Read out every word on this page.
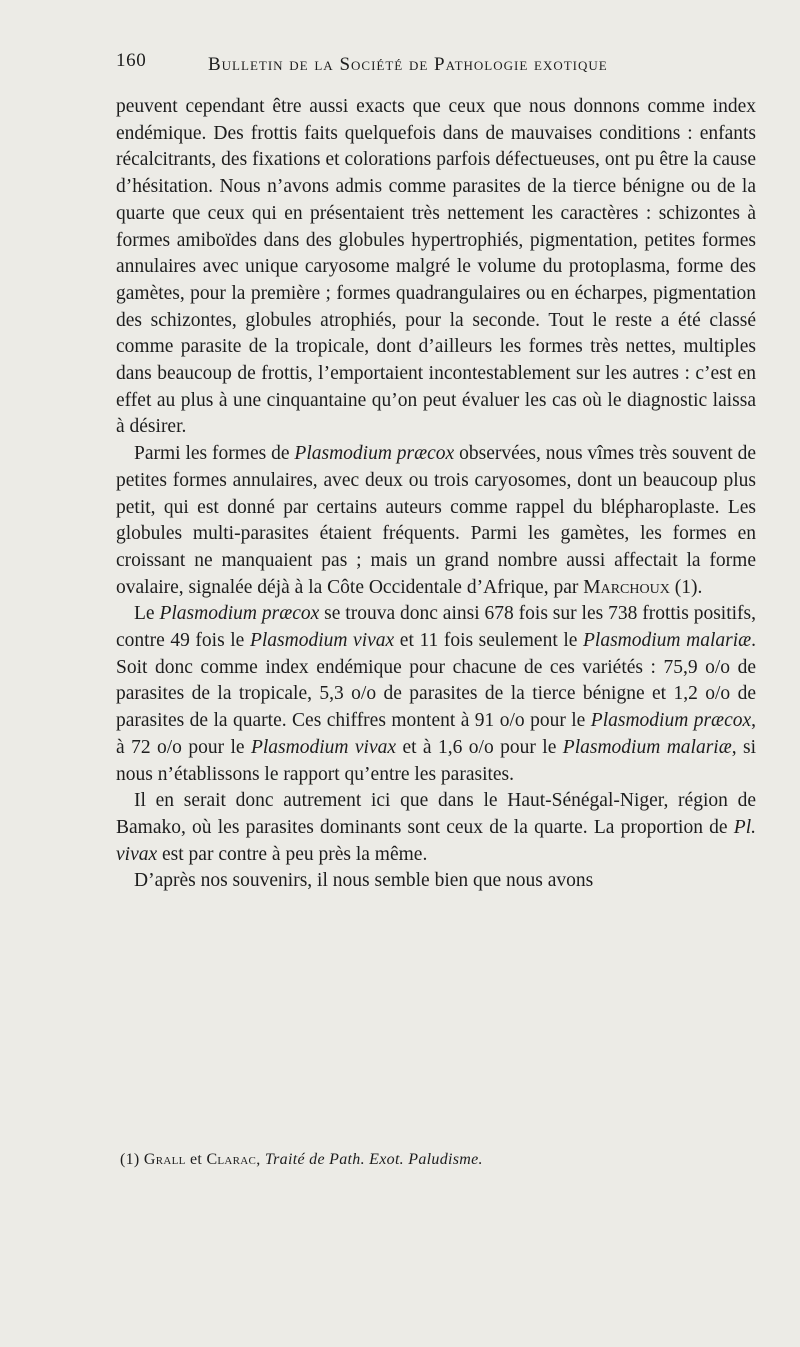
160	Bulletin de la Société de Pathologie exotique

peuvent cependant être aussi exacts que ceux que nous donnons comme index endémique. Des frottis faits quelquefois dans de mauvaises conditions : enfants récalcitrants, des fixations et colorations parfois défectueuses, ont pu être la cause d’hésitation. Nous n’avons admis comme parasites de la tierce bénigne ou de la quarte que ceux qui en présentaient très nettement les caractères : schizontes à formes amiboïdes dans des globules hypertrophiés, pigmentation, petites formes annulaires avec unique caryosome malgré le volume du protoplasma, forme des gamètes, pour la première ; formes quadrangulaires ou en écharpes, pigmentation des schizontes, globules atrophiés, pour la seconde. Tout le reste a été classé comme parasite de la tropicale, dont d’ailleurs les formes très nettes, multiples dans beaucoup de frottis, l’emportaient incontestablement sur les autres : c’est en effet au plus à une cinquantaine qu’on peut évaluer les cas où le diagnostic laissa à désirer.

Parmi les formes de Plasmodium præcox observées, nous vîmes très souvent de petites formes annulaires, avec deux ou trois caryosomes, dont un beaucoup plus petit, qui est donné par certains auteurs comme rappel du blépharoplaste. Les globules multi-parasites étaient fréquents. Parmi les gamètes, les formes en croissant ne manquaient pas ; mais un grand nombre aussi affectait la forme ovalaire, signalée déjà à la Côte Occidentale d’Afrique, par Marchoux (1).

Le Plasmodium præcox se trouva donc ainsi 678 fois sur les 738 frottis positifs, contre 49 fois le Plasmodium vivax et 11 fois seulement le Plasmodium malariæ. Soit donc comme index endémique pour chacune de ces variétés : 75,9 o/o de parasites de la tropicale, 5,3 o/o de parasites de la tierce bénigne et 1,2 o/o de parasites de la quarte. Ces chiffres montent à 91 o/o pour le Plasmodium præcox, à 72 o/o pour le Plasmodium vivax et à 1,6 o/o pour le Plasmodium malariæ, si nous n’établissons le rapport qu’entre les parasites.

Il en serait donc autrement ici que dans le Haut-Sénégal-Niger, région de Bamako, où les parasites dominants sont ceux de la quarte. La proportion de Pl. vivax est par contre à peu près la même.

D’après nos souvenirs, il nous semble bien que nous avons

(1) Grall et Clarac, Traité de Path. Exot. Paludisme.
